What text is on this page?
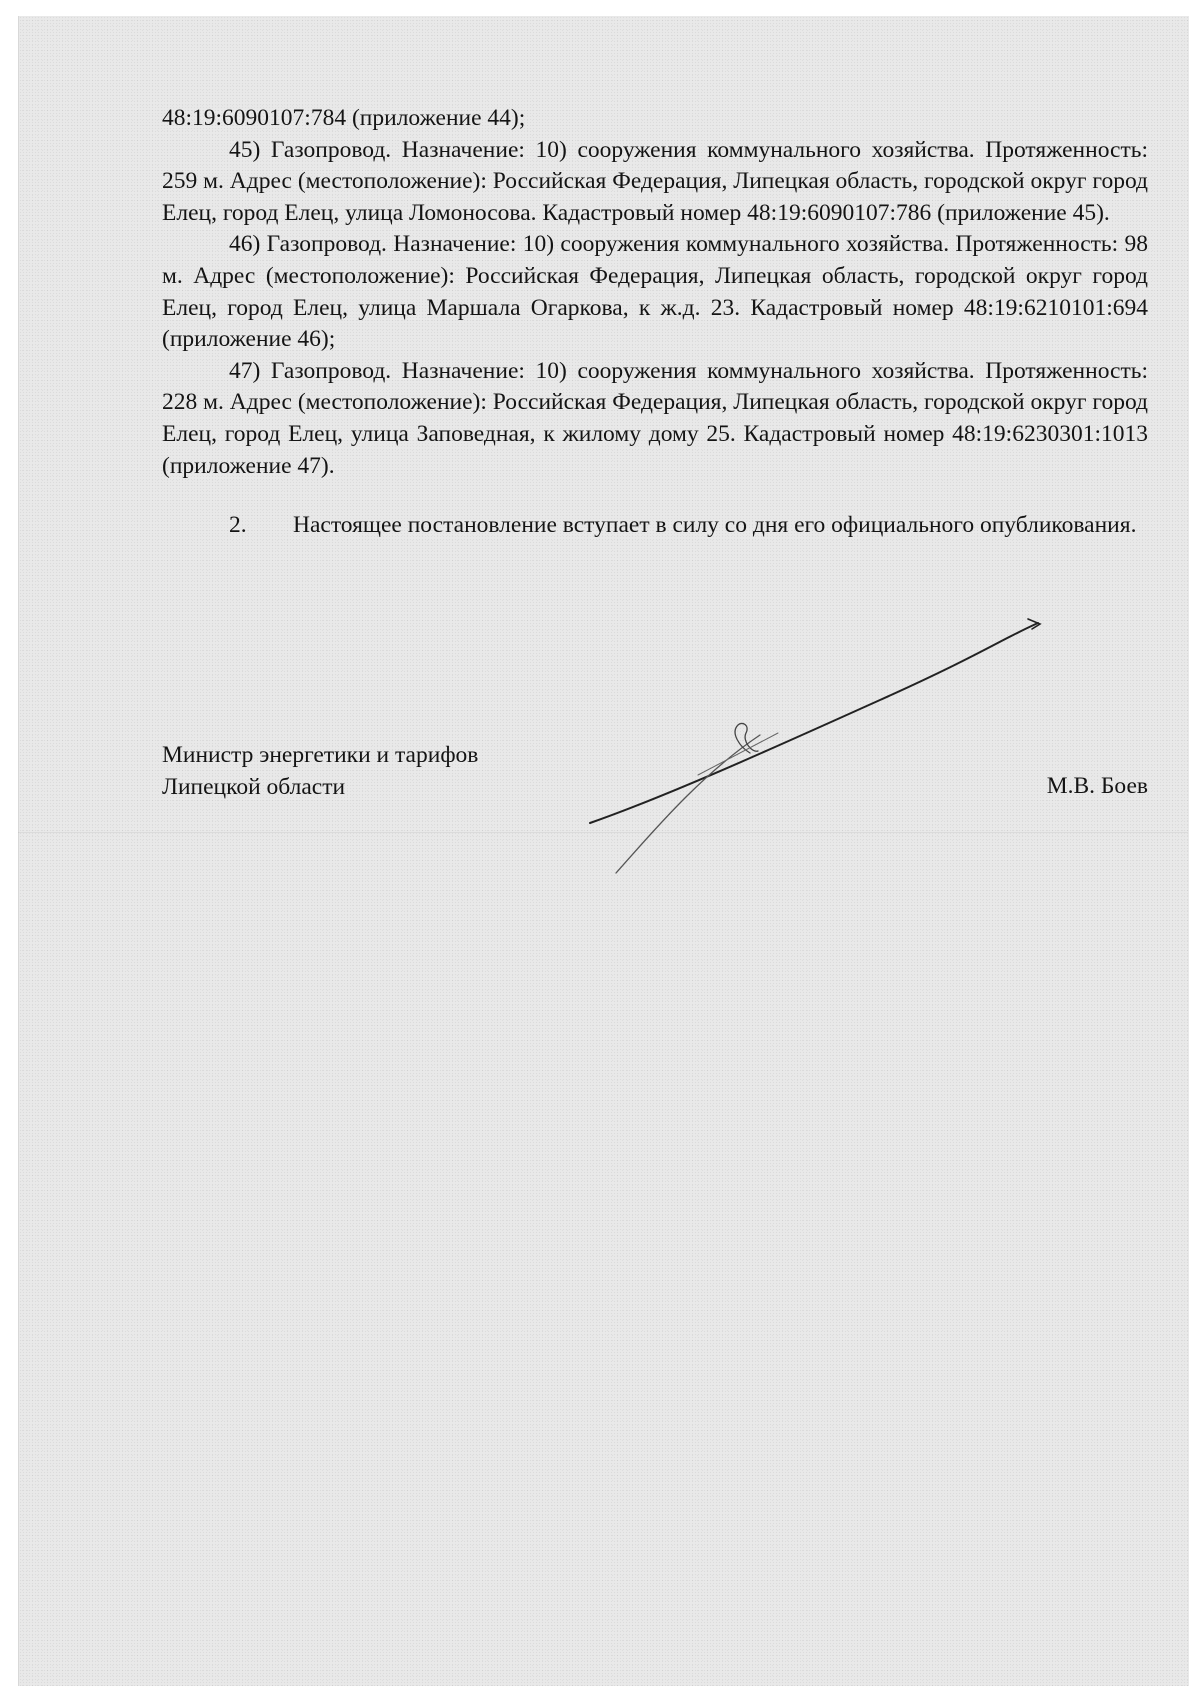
48:19:6090107:784 (приложение 44);

45) Газопровод. Назначение: 10) сооружения коммунального хозяйства. Протяженность: 259 м. Адрес (местоположение): Российская Федерация, Липецкая область, городской округ город Елец, город Елец, улица Ломоносова. Кадастровый номер 48:19:6090107:786 (приложение 45).

46) Газопровод. Назначение: 10) сооружения коммунального хозяйства. Протяженность: 98 м. Адрес (местоположение): Российская Федерация, Липецкая область, городской округ город Елец, город Елец, улица Маршала Огаркова, к ж.д. 23. Кадастровый номер 48:19:6210101:694 (приложение 46);

47) Газопровод. Назначение: 10) сооружения коммунального хозяйства. Протяженность: 228 м. Адрес (местоположение): Российская Федерация, Липецкая область, городской округ город Елец, город Елец, улица Заповедная, к жилому дому 25. Кадастровый номер 48:19:6230301:1013 (приложение 47).

2. Настоящее постановление вступает в силу со дня его официального опубликования.

Министр энергетики и тарифов
Липецкой области	М.В. Боев
